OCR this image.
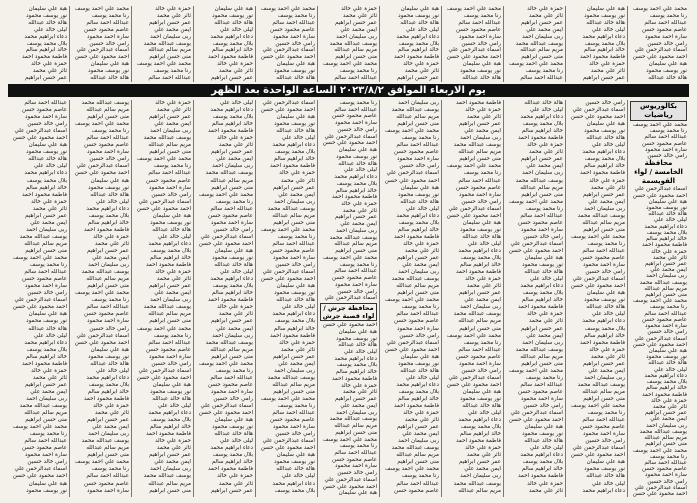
محمد علي احمد يوسف
رنا محمد يوسف
عبدالله احمد سالم
عاصم محمود حسن
سارة احمد محمود
رامي خالد حسين
اسماء عبدالرحمن علي
احمد محمود علي حسن
هبة علي سليمان
نور يوسف محمود
هالة خالد عبدالله
هبة علي سليمان
نور يوسف محمود
هالة خالد عبدالله
ليلى خالد علي
دعاء ابراهيم محمد
بلال محمد يوسف
خالد ابراهيم سالم
فاطمة محمود احمد
حمزة علي خالد
ثائر علي محمد
عمر حسن ابراهيم
حمزة علي خالد
ثائر علي محمد
عمر حسن ابراهيم
ايمن محمد علي
ربى سليمان احمد
يوسف عبدالله محمد
مريم سالم عبدالله
منى حسن ابراهيم
محمد علي احمد يوسف
رنا محمد يوسف
عبدالله احمد سالم
محمد علي احمد يوسف
رنا محمد يوسف
عبدالله احمد سالم
عاصم محمود حسن
سارة احمد محمود
رامي خالد حسين
اسماء عبدالرحمن علي
احمد محمود علي حسن
هبة علي سليمان
نور يوسف محمود
هالة خالد عبدالله
هبة علي سليمان
نور يوسف محمود
هالة خالد عبدالله
ليلى خالد علي
دعاء ابراهيم محمد
بلال محمد يوسف
خالد ابراهيم سالم
فاطمة محمود احمد
حمزة علي خالد
ثائر علي محمد
عمر حسن ابراهيم
حمزة علي خالد
ثائر علي محمد
عمر حسن ابراهيم
ايمن محمد علي
ربى سليمان احمد
يوسف عبدالله محمد
مريم سالم عبدالله
منى حسن ابراهيم
محمد علي احمد يوسف
رنا محمد يوسف
عبدالله احمد سالم
محمد علي احمد يوسف
رنا محمد يوسف
عبدالله احمد سالم
عاصم محمود حسن
سارة احمد محمود
رامي خالد حسين
اسماء عبدالرحمن علي
احمد محمود علي حسن
هبة علي سليمان
نور يوسف محمود
هالة خالد عبدالله
هبة علي سليمان
نور يوسف محمود
هالة خالد عبدالله
ليلى خالد علي
دعاء ابراهيم محمد
بلال محمد يوسف
خالد ابراهيم سالم
فاطمة محمود احمد
حمزة علي خالد
ثائر علي محمد
عمر حسن ابراهيم
حمزة علي خالد
ثائر علي محمد
عمر حسن ابراهيم
ايمن محمد علي
ربى سليمان احمد
يوسف عبدالله محمد
مريم سالم عبدالله
منى حسن ابراهيم
محمد علي احمد يوسف
رنا محمد يوسف
عبدالله احمد سالم
محمد علي احمد يوسف
رنا محمد يوسف
عبدالله احمد سالم
عاصم محمود حسن
سارة احمد محمود
رامي خالد حسين
اسماء عبدالرحمن علي
احمد محمود علي حسن
هبة علي سليمان
نور يوسف محمود
هالة خالد عبدالله
هبة علي سليمان
نور يوسف محمود
هالة خالد عبدالله
ليلى خالد علي
دعاء ابراهيم محمد
بلال محمد يوسف
خالد ابراهيم سالم
فاطمة محمود احمد
حمزة علي خالد
ثائر علي محمد
عمر حسن ابراهيم
يوم الاربعاء الموافق ٢٠٢٣/٨/٢ الساعة الواحدة بعد الظهر
بكالوريوس رياضيات
محمد علي احمد يوسف
رنا محمد يوسف
عبدالله احمد سالم
عاصم محمود حسن
سارة احمد محمود
رامي خالد حسين
محافظة الخامسة / لواء
القويسمة
اسماء عبدالرحمن علي
احمد محمود علي حسن
هبة علي سليمان
نور يوسف محمود
هالة خالد عبدالله
ليلى خالد علي
دعاء ابراهيم محمد
بلال محمد يوسف
خالد ابراهيم سالم
فاطمة محمود احمد
حمزة علي خالد
ثائر علي محمد
عمر حسن ابراهيم
ايمن محمد علي
ربى سليمان احمد
يوسف عبدالله محمد
مريم سالم عبدالله
منى حسن ابراهيم
محمد علي احمد يوسف
رنا محمد يوسف
عبدالله احمد سالم
عاصم محمود حسن
سارة احمد محمود
رامي خالد حسين
اسماء عبدالرحمن علي
احمد محمود علي حسن
هبة علي سليمان
نور يوسف محمود
هالة خالد عبدالله
ليلى خالد علي
دعاء ابراهيم محمد
بلال محمد يوسف
خالد ابراهيم سالم
فاطمة محمود احمد
حمزة علي خالد
ثائر علي محمد
عمر حسن ابراهيم
ايمن محمد علي
ربى سليمان احمد
يوسف عبدالله محمد
مريم سالم عبدالله
منى حسن ابراهيم
محمد علي احمد يوسف
رنا محمد يوسف
عبدالله احمد سالم
عاصم محمود حسن
سارة احمد محمود
رامي خالد حسين
اسماء عبدالرحمن علي
احمد محمود علي حسن
رامي خالد حسين
اسماء عبدالرحمن علي
احمد محمود علي حسن
هبة علي سليمان
نور يوسف محمود
هالة خالد عبدالله
ليلى خالد علي
دعاء ابراهيم محمد
بلال محمد يوسف
خالد ابراهيم سالم
فاطمة محمود احمد
حمزة علي خالد
ثائر علي محمد
عمر حسن ابراهيم
ايمن محمد علي
ربى سليمان احمد
يوسف عبدالله محمد
مريم سالم عبدالله
منى حسن ابراهيم
محمد علي احمد يوسف
رنا محمد يوسف
عبدالله احمد سالم
عاصم محمود حسن
سارة احمد محمود
رامي خالد حسين
اسماء عبدالرحمن علي
احمد محمود علي حسن
هبة علي سليمان
نور يوسف محمود
هالة خالد عبدالله
ليلى خالد علي
دعاء ابراهيم محمد
بلال محمد يوسف
خالد ابراهيم سالم
فاطمة محمود احمد
حمزة علي خالد
ثائر علي محمد
عمر حسن ابراهيم
ايمن محمد علي
ربى سليمان احمد
يوسف عبدالله محمد
مريم سالم عبدالله
منى حسن ابراهيم
محمد علي احمد يوسف
رنا محمد يوسف
عبدالله احمد سالم
عاصم محمود حسن
سارة احمد محمود
رامي خالد حسين
اسماء عبدالرحمن علي
احمد محمود علي حسن
هبة علي سليمان
نور يوسف محمود
هالة خالد عبدالله
ليلى خالد علي
دعاء ابراهيم محمد
هالة خالد عبدالله
ليلى خالد علي
دعاء ابراهيم محمد
بلال محمد يوسف
خالد ابراهيم سالم
فاطمة محمود احمد
حمزة علي خالد
ثائر علي محمد
عمر حسن ابراهيم
ايمن محمد علي
ربى سليمان احمد
يوسف عبدالله محمد
مريم سالم عبدالله
منى حسن ابراهيم
محمد علي احمد يوسف
رنا محمد يوسف
عبدالله احمد سالم
عاصم محمود حسن
سارة احمد محمود
رامي خالد حسين
اسماء عبدالرحمن علي
احمد محمود علي حسن
هبة علي سليمان
نور يوسف محمود
هالة خالد عبدالله
ليلى خالد علي
دعاء ابراهيم محمد
بلال محمد يوسف
خالد ابراهيم سالم
فاطمة محمود احمد
حمزة علي خالد
ثائر علي محمد
عمر حسن ابراهيم
ايمن محمد علي
ربى سليمان احمد
يوسف عبدالله محمد
مريم سالم عبدالله
منى حسن ابراهيم
محمد علي احمد يوسف
رنا محمد يوسف
عبدالله احمد سالم
عاصم محمود حسن
سارة احمد محمود
رامي خالد حسين
اسماء عبدالرحمن علي
احمد محمود علي حسن
هبة علي سليمان
نور يوسف محمود
هالة خالد عبدالله
ليلى خالد علي
دعاء ابراهيم محمد
بلال محمد يوسف
خالد ابراهيم سالم
فاطمة محمود احمد
حمزة علي خالد
ثائر علي محمد
فاطمة محمود احمد
حمزة علي خالد
ثائر علي محمد
عمر حسن ابراهيم
ايمن محمد علي
ربى سليمان احمد
يوسف عبدالله محمد
مريم سالم عبدالله
منى حسن ابراهيم
محمد علي احمد يوسف
رنا محمد يوسف
عبدالله احمد سالم
عاصم محمود حسن
سارة احمد محمود
رامي خالد حسين
اسماء عبدالرحمن علي
احمد محمود علي حسن
هبة علي سليمان
نور يوسف محمود
هالة خالد عبدالله
ليلى خالد علي
دعاء ابراهيم محمد
بلال محمد يوسف
خالد ابراهيم سالم
فاطمة محمود احمد
حمزة علي خالد
ثائر علي محمد
عمر حسن ابراهيم
ايمن محمد علي
ربى سليمان احمد
يوسف عبدالله محمد
مريم سالم عبدالله
منى حسن ابراهيم
محمد علي احمد يوسف
رنا محمد يوسف
عبدالله احمد سالم
عاصم محمود حسن
سارة احمد محمود
رامي خالد حسين
اسماء عبدالرحمن علي
احمد محمود علي حسن
هبة علي سليمان
نور يوسف محمود
هالة خالد عبدالله
ليلى خالد علي
دعاء ابراهيم محمد
بلال محمد يوسف
خالد ابراهيم سالم
فاطمة محمود احمد
حمزة علي خالد
ثائر علي محمد
عمر حسن ابراهيم
ايمن محمد علي
ربى سليمان احمد
يوسف عبدالله محمد
مريم سالم عبدالله
ربى سليمان احمد
يوسف عبدالله محمد
مريم سالم عبدالله
منى حسن ابراهيم
محمد علي احمد يوسف
رنا محمد يوسف
عبدالله احمد سالم
عاصم محمود حسن
سارة احمد محمود
رامي خالد حسين
اسماء عبدالرحمن علي
احمد محمود علي حسن
هبة علي سليمان
نور يوسف محمود
هالة خالد عبدالله
ليلى خالد علي
دعاء ابراهيم محمد
بلال محمد يوسف
خالد ابراهيم سالم
فاطمة محمود احمد
حمزة علي خالد
ثائر علي محمد
عمر حسن ابراهيم
ايمن محمد علي
ربى سليمان احمد
يوسف عبدالله محمد
مريم سالم عبدالله
منى حسن ابراهيم
محمد علي احمد يوسف
رنا محمد يوسف
عبدالله احمد سالم
عاصم محمود حسن
سارة احمد محمود
رامي خالد حسين
اسماء عبدالرحمن علي
احمد محمود علي حسن
هبة علي سليمان
نور يوسف محمود
هالة خالد عبدالله
ليلى خالد علي
دعاء ابراهيم محمد
بلال محمد يوسف
خالد ابراهيم سالم
فاطمة محمود احمد
حمزة علي خالد
ثائر علي محمد
عمر حسن ابراهيم
ايمن محمد علي
ربى سليمان احمد
يوسف عبدالله محمد
مريم سالم عبدالله
منى حسن ابراهيم
محمد علي احمد يوسف
رنا محمد يوسف
عبدالله احمد سالم
عاصم محمود حسن
رنا محمد يوسف
عبدالله احمد سالم
عاصم محمود حسن
سارة احمد محمود
رامي خالد حسين
اسماء عبدالرحمن علي
احمد محمود علي حسن
هبة علي سليمان
نور يوسف محمود
هالة خالد عبدالله
ليلى خالد علي
دعاء ابراهيم محمد
بلال محمد يوسف
خالد ابراهيم سالم
فاطمة محمود احمد
حمزة علي خالد
ثائر علي محمد
عمر حسن ابراهيم
ايمن محمد علي
ربى سليمان احمد
يوسف عبدالله محمد
مريم سالم عبدالله
منى حسن ابراهيم
محمد علي احمد يوسف
رنا محمد يوسف
عبدالله احمد سالم
عاصم محمود حسن
سارة احمد محمود
رامي خالد حسين
اسماء عبدالرحمن علي
محافظة جرش / لواء قصبة جرش
احمد محمود علي حسن
هبة علي سليمان
نور يوسف محمود
هالة خالد عبدالله
ليلى خالد علي
دعاء ابراهيم محمد
بلال محمد يوسف
خالد ابراهيم سالم
فاطمة محمود احمد
حمزة علي خالد
ثائر علي محمد
عمر حسن ابراهيم
ايمن محمد علي
ربى سليمان احمد
يوسف عبدالله محمد
مريم سالم عبدالله
منى حسن ابراهيم
محمد علي احمد يوسف
رنا محمد يوسف
عبدالله احمد سالم
عاصم محمود حسن
سارة احمد محمود
رامي خالد حسين
اسماء عبدالرحمن علي
احمد محمود علي حسن
هبة علي سليمان
اسماء عبدالرحمن علي
احمد محمود علي حسن
هبة علي سليمان
نور يوسف محمود
هالة خالد عبدالله
ليلى خالد علي
دعاء ابراهيم محمد
بلال محمد يوسف
خالد ابراهيم سالم
فاطمة محمود احمد
حمزة علي خالد
ثائر علي محمد
عمر حسن ابراهيم
ايمن محمد علي
ربى سليمان احمد
يوسف عبدالله محمد
مريم سالم عبدالله
منى حسن ابراهيم
محمد علي احمد يوسف
رنا محمد يوسف
عبدالله احمد سالم
عاصم محمود حسن
سارة احمد محمود
رامي خالد حسين
اسماء عبدالرحمن علي
احمد محمود علي حسن
هبة علي سليمان
نور يوسف محمود
هالة خالد عبدالله
ليلى خالد علي
دعاء ابراهيم محمد
بلال محمد يوسف
خالد ابراهيم سالم
فاطمة محمود احمد
حمزة علي خالد
ثائر علي محمد
عمر حسن ابراهيم
ايمن محمد علي
ربى سليمان احمد
يوسف عبدالله محمد
مريم سالم عبدالله
منى حسن ابراهيم
محمد علي احمد يوسف
رنا محمد يوسف
عبدالله احمد سالم
عاصم محمود حسن
سارة احمد محمود
رامي خالد حسين
اسماء عبدالرحمن علي
احمد محمود علي حسن
هبة علي سليمان
نور يوسف محمود
هالة خالد عبدالله
ليلى خالد علي
دعاء ابراهيم محمد
بلال محمد يوسف
ليلى خالد علي
دعاء ابراهيم محمد
بلال محمد يوسف
خالد ابراهيم سالم
فاطمة محمود احمد
حمزة علي خالد
ثائر علي محمد
عمر حسن ابراهيم
ايمن محمد علي
ربى سليمان احمد
يوسف عبدالله محمد
مريم سالم عبدالله
منى حسن ابراهيم
محمد علي احمد يوسف
رنا محمد يوسف
عبدالله احمد سالم
عاصم محمود حسن
سارة احمد محمود
رامي خالد حسين
اسماء عبدالرحمن علي
احمد محمود علي حسن
هبة علي سليمان
نور يوسف محمود
هالة خالد عبدالله
ليلى خالد علي
دعاء ابراهيم محمد
بلال محمد يوسف
خالد ابراهيم سالم
فاطمة محمود احمد
حمزة علي خالد
ثائر علي محمد
عمر حسن ابراهيم
ايمن محمد علي
ربى سليمان احمد
يوسف عبدالله محمد
مريم سالم عبدالله
منى حسن ابراهيم
محمد علي احمد يوسف
رنا محمد يوسف
عبدالله احمد سالم
عاصم محمود حسن
سارة احمد محمود
رامي خالد حسين
اسماء عبدالرحمن علي
احمد محمود علي حسن
هبة علي سليمان
نور يوسف محمود
هالة خالد عبدالله
ليلى خالد علي
دعاء ابراهيم محمد
بلال محمد يوسف
خالد ابراهيم سالم
فاطمة محمود احمد
حمزة علي خالد
ثائر علي محمد
عمر حسن ابراهيم
حمزة علي خالد
ثائر علي محمد
عمر حسن ابراهيم
ايمن محمد علي
ربى سليمان احمد
يوسف عبدالله محمد
مريم سالم عبدالله
منى حسن ابراهيم
محمد علي احمد يوسف
رنا محمد يوسف
عبدالله احمد سالم
عاصم محمود حسن
سارة احمد محمود
رامي خالد حسين
اسماء عبدالرحمن علي
احمد محمود علي حسن
هبة علي سليمان
نور يوسف محمود
هالة خالد عبدالله
ليلى خالد علي
دعاء ابراهيم محمد
بلال محمد يوسف
خالد ابراهيم سالم
فاطمة محمود احمد
حمزة علي خالد
ثائر علي محمد
عمر حسن ابراهيم
ايمن محمد علي
ربى سليمان احمد
يوسف عبدالله محمد
مريم سالم عبدالله
منى حسن ابراهيم
محمد علي احمد يوسف
رنا محمد يوسف
عبدالله احمد سالم
عاصم محمود حسن
سارة احمد محمود
رامي خالد حسين
اسماء عبدالرحمن علي
احمد محمود علي حسن
هبة علي سليمان
نور يوسف محمود
هالة خالد عبدالله
ليلى خالد علي
دعاء ابراهيم محمد
بلال محمد يوسف
خالد ابراهيم سالم
فاطمة محمود احمد
حمزة علي خالد
ثائر علي محمد
عمر حسن ابراهيم
ايمن محمد علي
ربى سليمان احمد
يوسف عبدالله محمد
مريم سالم عبدالله
منى حسن ابراهيم
يوسف عبدالله محمد
مريم سالم عبدالله
منى حسن ابراهيم
محمد علي احمد يوسف
رنا محمد يوسف
عبدالله احمد سالم
عاصم محمود حسن
سارة احمد محمود
رامي خالد حسين
اسماء عبدالرحمن علي
احمد محمود علي حسن
هبة علي سليمان
نور يوسف محمود
هالة خالد عبدالله
ليلى خالد علي
دعاء ابراهيم محمد
بلال محمد يوسف
خالد ابراهيم سالم
فاطمة محمود احمد
حمزة علي خالد
ثائر علي محمد
عمر حسن ابراهيم
ايمن محمد علي
ربى سليمان احمد
يوسف عبدالله محمد
مريم سالم عبدالله
منى حسن ابراهيم
محمد علي احمد يوسف
رنا محمد يوسف
عبدالله احمد سالم
عاصم محمود حسن
سارة احمد محمود
رامي خالد حسين
اسماء عبدالرحمن علي
احمد محمود علي حسن
هبة علي سليمان
نور يوسف محمود
هالة خالد عبدالله
ليلى خالد علي
دعاء ابراهيم محمد
بلال محمد يوسف
خالد ابراهيم سالم
فاطمة محمود احمد
حمزة علي خالد
ثائر علي محمد
عمر حسن ابراهيم
ايمن محمد علي
ربى سليمان احمد
يوسف عبدالله محمد
مريم سالم عبدالله
منى حسن ابراهيم
محمد علي احمد يوسف
رنا محمد يوسف
عبدالله احمد سالم
عاصم محمود حسن
سارة احمد محمود
عبدالله احمد سالم
عاصم محمود حسن
سارة احمد محمود
رامي خالد حسين
اسماء عبدالرحمن علي
احمد محمود علي حسن
هبة علي سليمان
نور يوسف محمود
هالة خالد عبدالله
ليلى خالد علي
دعاء ابراهيم محمد
بلال محمد يوسف
خالد ابراهيم سالم
فاطمة محمود احمد
حمزة علي خالد
ثائر علي محمد
عمر حسن ابراهيم
ايمن محمد علي
ربى سليمان احمد
يوسف عبدالله محمد
مريم سالم عبدالله
منى حسن ابراهيم
محمد علي احمد يوسف
رنا محمد يوسف
عبدالله احمد سالم
عاصم محمود حسن
سارة احمد محمود
رامي خالد حسين
اسماء عبدالرحمن علي
احمد محمود علي حسن
هبة علي سليمان
نور يوسف محمود
هالة خالد عبدالله
ليلى خالد علي
دعاء ابراهيم محمد
بلال محمد يوسف
خالد ابراهيم سالم
فاطمة محمود احمد
حمزة علي خالد
ثائر علي محمد
عمر حسن ابراهيم
ايمن محمد علي
ربى سليمان احمد
يوسف عبدالله محمد
مريم سالم عبدالله
منى حسن ابراهيم
محمد علي احمد يوسف
رنا محمد يوسف
عبدالله احمد سالم
عاصم محمود حسن
سارة احمد محمود
رامي خالد حسين
اسماء عبدالرحمن علي
احمد محمود علي حسن
هبة علي سليمان
نور يوسف محمود
